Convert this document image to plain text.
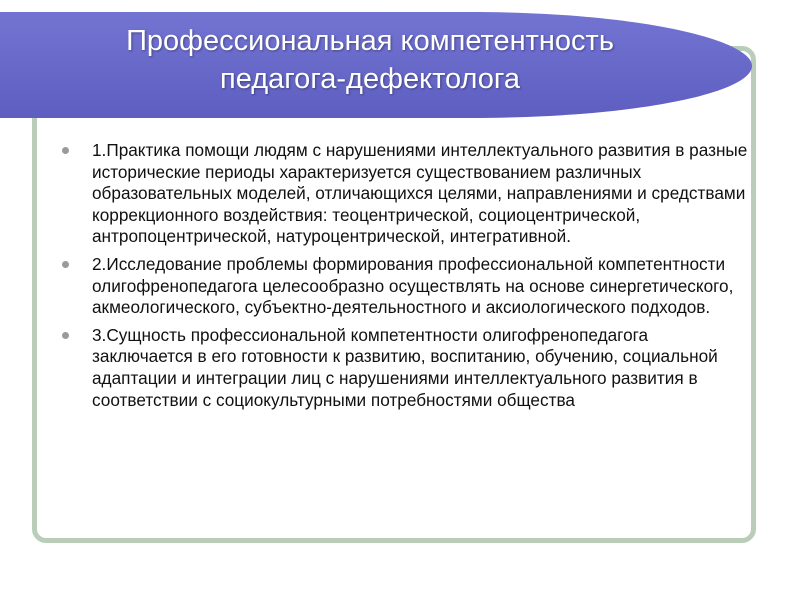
Профессиональная компетентность
педагога-дефектолога
1.Практика помощи людям с нарушениями интеллектуального развития в разные исторические периоды характеризуется существованием различных образовательных моделей, отличающихся целями, направлениями и средствами коррекционного воздействия: теоцентрической, социоцентрической, антропоцентрической, натуроцентрической, интегративной.
2.Исследование проблемы формирования профессиональной компетентности олигофренопедагога целесообразно осуществлять на основе синергетического, акмеологического, субъектно-деятельностного и аксиологического подходов.
3.Сущность профессиональной компетентности олигофренопедагога заключается в его готовности к развитию, воспитанию, обучению, социальной адаптации и интеграции лиц с нарушениями интеллектуального развития в соответствии с социокультурными потребностями общества
